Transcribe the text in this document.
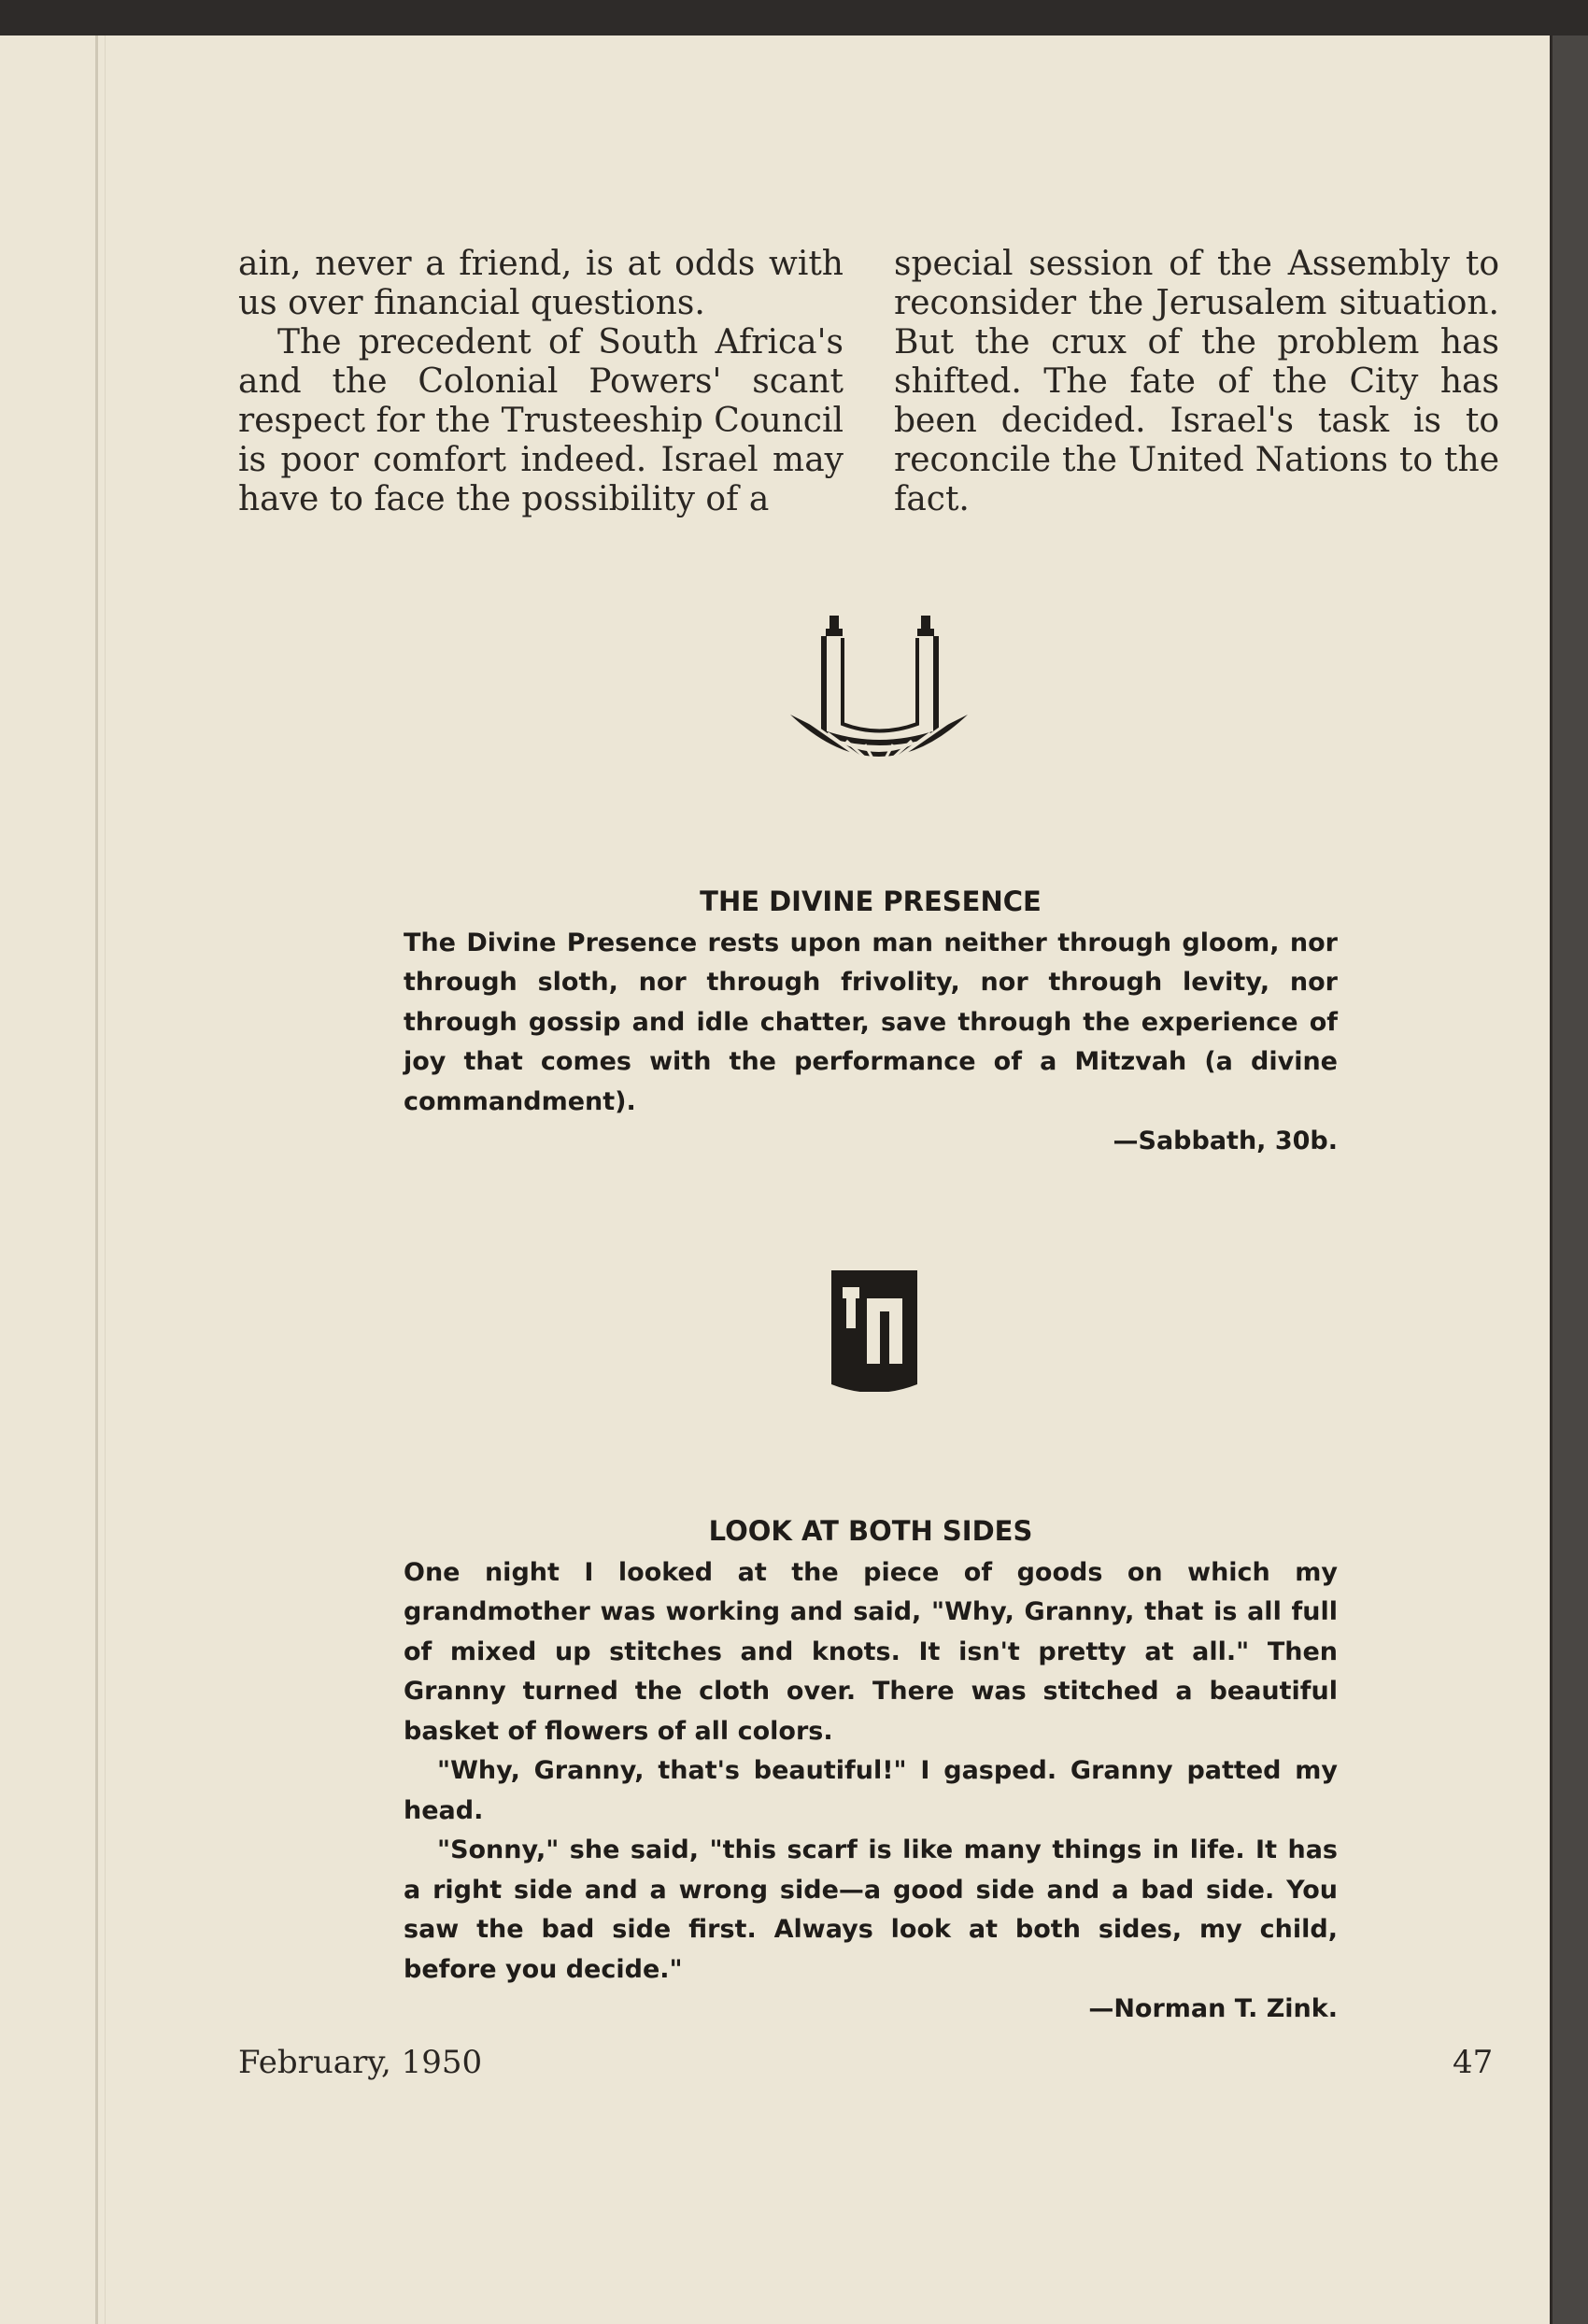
ain, never a friend, is at odds with us over financial questions.

The precedent of South Africa's and the Colonial Powers' scant respect for the Trusteeship Council is poor comfort indeed. Israel may have to face the possibility of a

special session of the Assembly to reconsider the Jerusalem situation. But the crux of the problem has shifted. The fate of the City has been decided. Israel's task is to reconcile the United Nations to the fact.

THE DIVINE PRESENCE

The Divine Presence rests upon man neither through gloom, nor through sloth, nor through frivolity, nor through levity, nor through gossip and idle chatter, save through the experience of joy that comes with the performance of a Mitzvah (a divine commandment).

—Sabbath, 30b.
LOOK AT BOTH SIDES

One night I looked at the piece of goods on which my grandmother was working and said, "Why, Granny, that is all full of mixed up stitches and knots. It isn't pretty at all." Then Granny turned the cloth over. There was stitched a beautiful basket of flowers of all colors.

"Why, Granny, that's beautiful!" I gasped. Granny patted my head.

"Sonny," she said, "this scarf is like many things in life. It has a right side and a wrong side—a good side and a bad side. You saw the bad side first. Always look at both sides, my child, before you decide."

—Norman T. Zink.
February, 1950	47
